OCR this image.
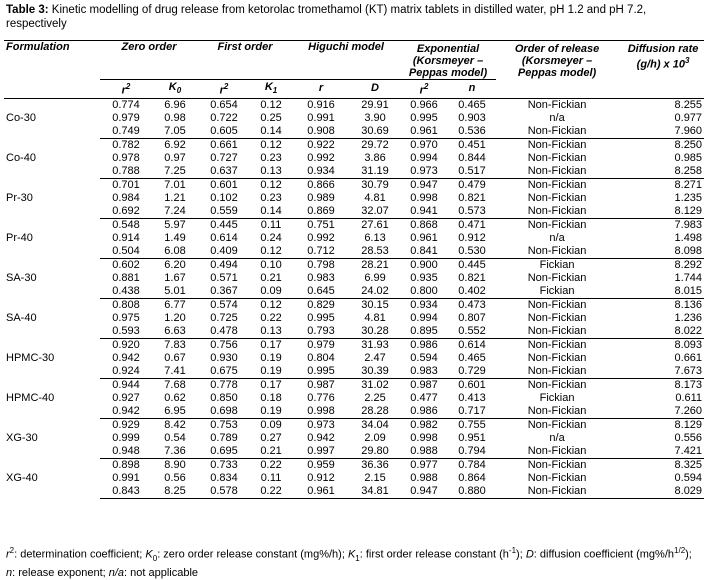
Table 3: Kinetic modelling of drug release from ketorolac tromethamol (KT) matrix tablets in distilled water, pH 1.2 and pH 7.2, respectively
Formulation	Zero order		First order		Higuchi model		Exponential (Korsmeyer – Peppas model)		Order of release (Korsmeyer – Peppas model)	Diffusion rate (g/h) x $10^3$
	$r^2$	$K_0$	$r^2$	$K_1$	r	D	$r^2$	n		
Co-30	0.774	6.96	0.654	0.12	0.916	29.91	0.966	0.465	Non-Fickian	8.255
	0.979	0.98	0.722	0.25	0.991	3.90	0.995	0.903	n/a	0.977
	0.749	7.05	0.605	0.14	0.908	30.69	0.961	0.536	Non-Fickian	7.960
Co-40	0.782	6.92	0.661	0.12	0.922	29.72	0.970	0.451	Non-Fickian	8.250
	0.978	0.97	0.727	0.23	0.992	3.86	0.994	0.844	Non-Fickian	0.985
	0.788	7.25	0.637	0.13	0.934	31.19	0.973	0.517	Non-Fickian	8.258
Pr-30	0.701	7.01	0.601	0.12	0.866	30.79	0.947	0.479	Non-Fickian	8.271
	0.984	1.21	0.102	0.23	0.989	4.81	0.998	0.821	Non-Fickian	1.235
	0.692	7.24	0.559	0.14	0.869	32.07	0.941	0.573	Non-Fickian	8.129
Pr-40	0.548	5.97	0.445	0.11	0.751	27.61	0.868	0.471	Non-Fickian	7.983
	0.914	1.49	0.614	0.24	0.992	6.13	0.961	0.912	n/a	1.498
	0.504	6.08	0.409	0.12	0.712	28.53	0.841	0.530	Non-Fickian	8.098
SA-30	0.602	6.20	0.494	0.10	0.798	28.21	0.900	0.445	Fickian	8.292
	0.881	1.67	0.571	0.21	0.983	6.99	0.935	0.821	Non-Fickian	1.744
	0.438	5.01	0.367	0.09	0.645	24.02	0.800	0.402	Fickian	8.015
SA-40	0.808	6.77	0.574	0.12	0.829	30.15	0.934	0.473	Non-Fickian	8.136
	0.975	1.20	0.725	0.22	0.995	4.81	0.994	0.807	Non-Fickian	1.236
	0.593	6.63	0.478	0.13	0.793	30.28	0.895	0.552	Non-Fickian	8.022
HPMC-30	0.920	7.83	0.756	0.17	0.979	31.93	0.986	0.614	Non-Fickian	8.093
	0.942	0.67	0.930	0.19	0.804	2.47	0.594	0.465	Non-Fickian	0.661
	0.924	7.41	0.675	0.19	0.995	30.39	0.983	0.729	Non-Fickian	7.673
HPMC-40	0.944	7.68	0.778	0.17	0.987	31.02	0.987	0.601	Non-Fickian	8.173
	0.927	0.62	0.850	0.18	0.776	2.25	0.477	0.413	Fickian	0.611
	0.942	6.95	0.698	0.19	0.998	28.28	0.986	0.717	Non-Fickian	7.260
XG-30	0.929	8.42	0.753	0.09	0.973	34.04	0.982	0.755	Non-Fickian	8.129
	0.999	0.54	0.789	0.27	0.942	2.09	0.998	0.951	n/a	0.556
	0.948	7.36	0.695	0.21	0.997	29.80	0.988	0.794	Non-Fickian	7.421
XG-40	0.898	8.90	0.733	0.22	0.959	36.36	0.977	0.784	Non-Fickian	8.325
	0.991	0.56	0.834	0.11	0.912	2.15	0.988	0.864	Non-Fickian	0.594
	0.843	8.25	0.578	0.22	0.961	34.81	0.947	0.880	Non-Fickian	8.029
$r^2$: determination coefficient; $K_0$: zero order release constant (mg%/h); $K_1$: first order release constant $(h^{-1})$; D: diffusion coefficient $(mg\%/h^{1/2})$; n: release exponent; n/a: not applicable
